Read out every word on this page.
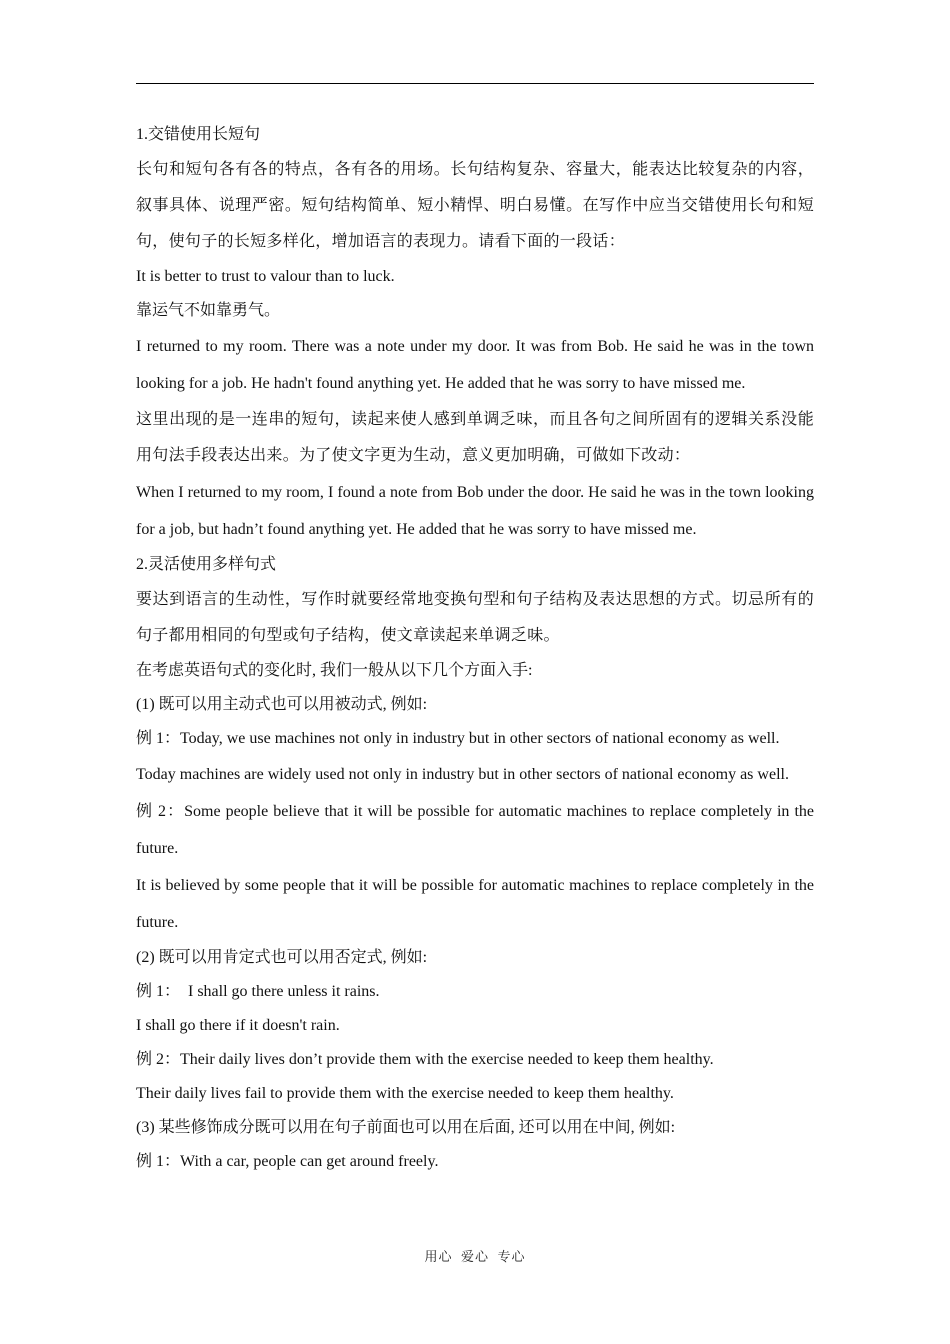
1.交错使用长短句

长句和短句各有各的特点，各有各的用场。长句结构复杂、容量大，能表达比较复杂的内容，叙事具体、说理严密。短句结构简单、短小精悍、明白易懂。在写作中应当交错使用长句和短句，使句子的长短多样化，增加语言的表现力。请看下面的一段话：

It is better to trust to valour than to luck.

靠运气不如靠勇气。

I returned to my room. There was a note under my door. It was from Bob. He said he was in the town looking for a job. He hadn't found anything yet. He added that he was sorry to have missed me.

这里出现的是一连串的短句，读起来使人感到单调乏味，而且各句之间所固有的逻辑关系没能用句法手段表达出来。为了使文字更为生动，意义更加明确，可做如下改动：

When I returned to my room, I found a note from Bob under the door. He said he was in the town looking for a job, but hadn’t found anything yet. He added that he was sorry to have missed me.

2.灵活使用多样句式

要达到语言的生动性，写作时就要经常地变换句型和句子结构及表达思想的方式。切忌所有的句子都用相同的句型或句子结构，使文章读起来单调乏味。

在考虑英语句式的变化时, 我们一般从以下几个方面入手:

(1) 既可以用主动式也可以用被动式, 例如:

例 1：Today, we use machines not only in industry but in other sectors of national economy as well.

Today machines are widely used not only in industry but in other sectors of national economy as well.

例 2：Some people believe that it will be possible for automatic machines to replace completely in the future.

It is believed by some people that it will be possible for automatic machines to replace completely in the future.

(2) 既可以用肯定式也可以用否定式, 例如:

例 1：  I shall go there unless it rains.

I shall go there if it doesn't rain.

例 2：Their daily lives don’t provide them with the exercise needed to keep them healthy.

Their daily lives fail to provide them with the exercise needed to keep them healthy.

(3) 某些修饰成分既可以用在句子前面也可以用在后面, 还可以用在中间, 例如:

例 1：With a car, people can get around freely.

用心  爱心  专心
